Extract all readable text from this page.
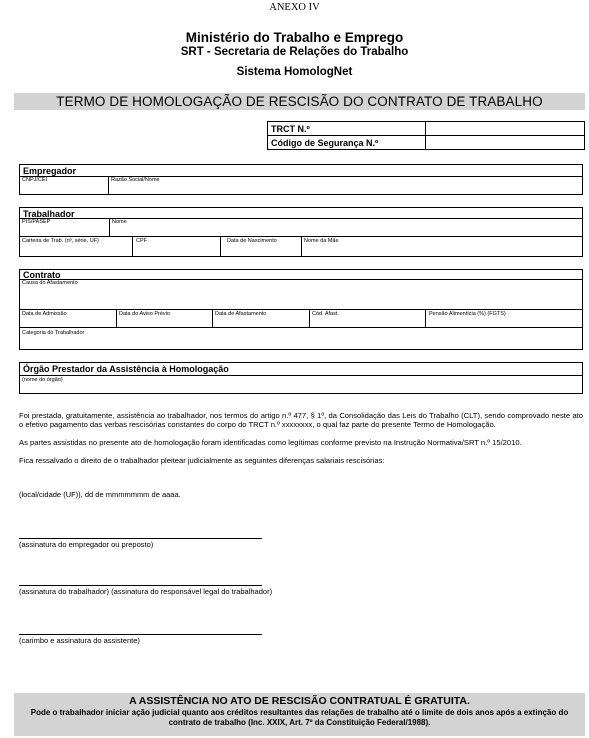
ANEXO IV
Ministério do Trabalho e Emprego
SRT - Secretaria de Relações do Trabalho
Sistema HomologNet
TERMO DE HOMOLOGAÇÃO DE RESCISÃO DO CONTRATO DE TRABALHO
TRCT N.º	
Código de Segurança N.º	
Empregador
CNPJ/CEI	Razão Social/Nome
Trabalhador
PIS/PASEP	Nome
Carteira de Trab. (nº, série, UF)	CPF	Data de Nascimento	Nome da Mãe
Contrato
Causa do Afastamento
Data de Admissão	Data do Aviso Prévio	Data de Afastamento	Cód. Afast.	Pensão Alimentícia (%) (FGTS)
Categoria do Trabalhador
Órgão Prestador da Assistência à Homologação
(nome do órgão)
Foi prestada, gratuitamente, assistência ao trabalhador, nos termos do artigo n.º 477, § 1º, da Consolidação das Leis do Trabalho (CLT), sendo comprovado neste ato o efetivo pagamento das verbas rescisórias constantes do corpo do TRCT n.º xxxxxxxx, o qual faz parte do presente Termo de Homologação.
As partes assistidas no presente ato de homologação foram identificadas como legítimas conforme previsto na Instrução Normativa/SRT n.º 15/2010.
Fica ressalvado o direito de o trabalhador pleitear judicialmente as seguintes diferenças salariais rescisórias:
(local/cidade (UF)), dd de mmmmmmm de aaaa.
(assinatura do empregador ou preposto)
(assinatura do trabalhador) (assinatura do responsável legal do trabalhador)
(carimbo e assinatura do assistente)
A ASSISTÊNCIA NO ATO DE RESCISÃO CONTRATUAL É GRATUITA.
Pode o trabalhador iniciar ação judicial quanto aos créditos resultantes das relações de trabalho até o limite de dois anos após a extinção do contrato de trabalho (Inc. XXIX, Art. 7º da Constituição Federal/1988).
